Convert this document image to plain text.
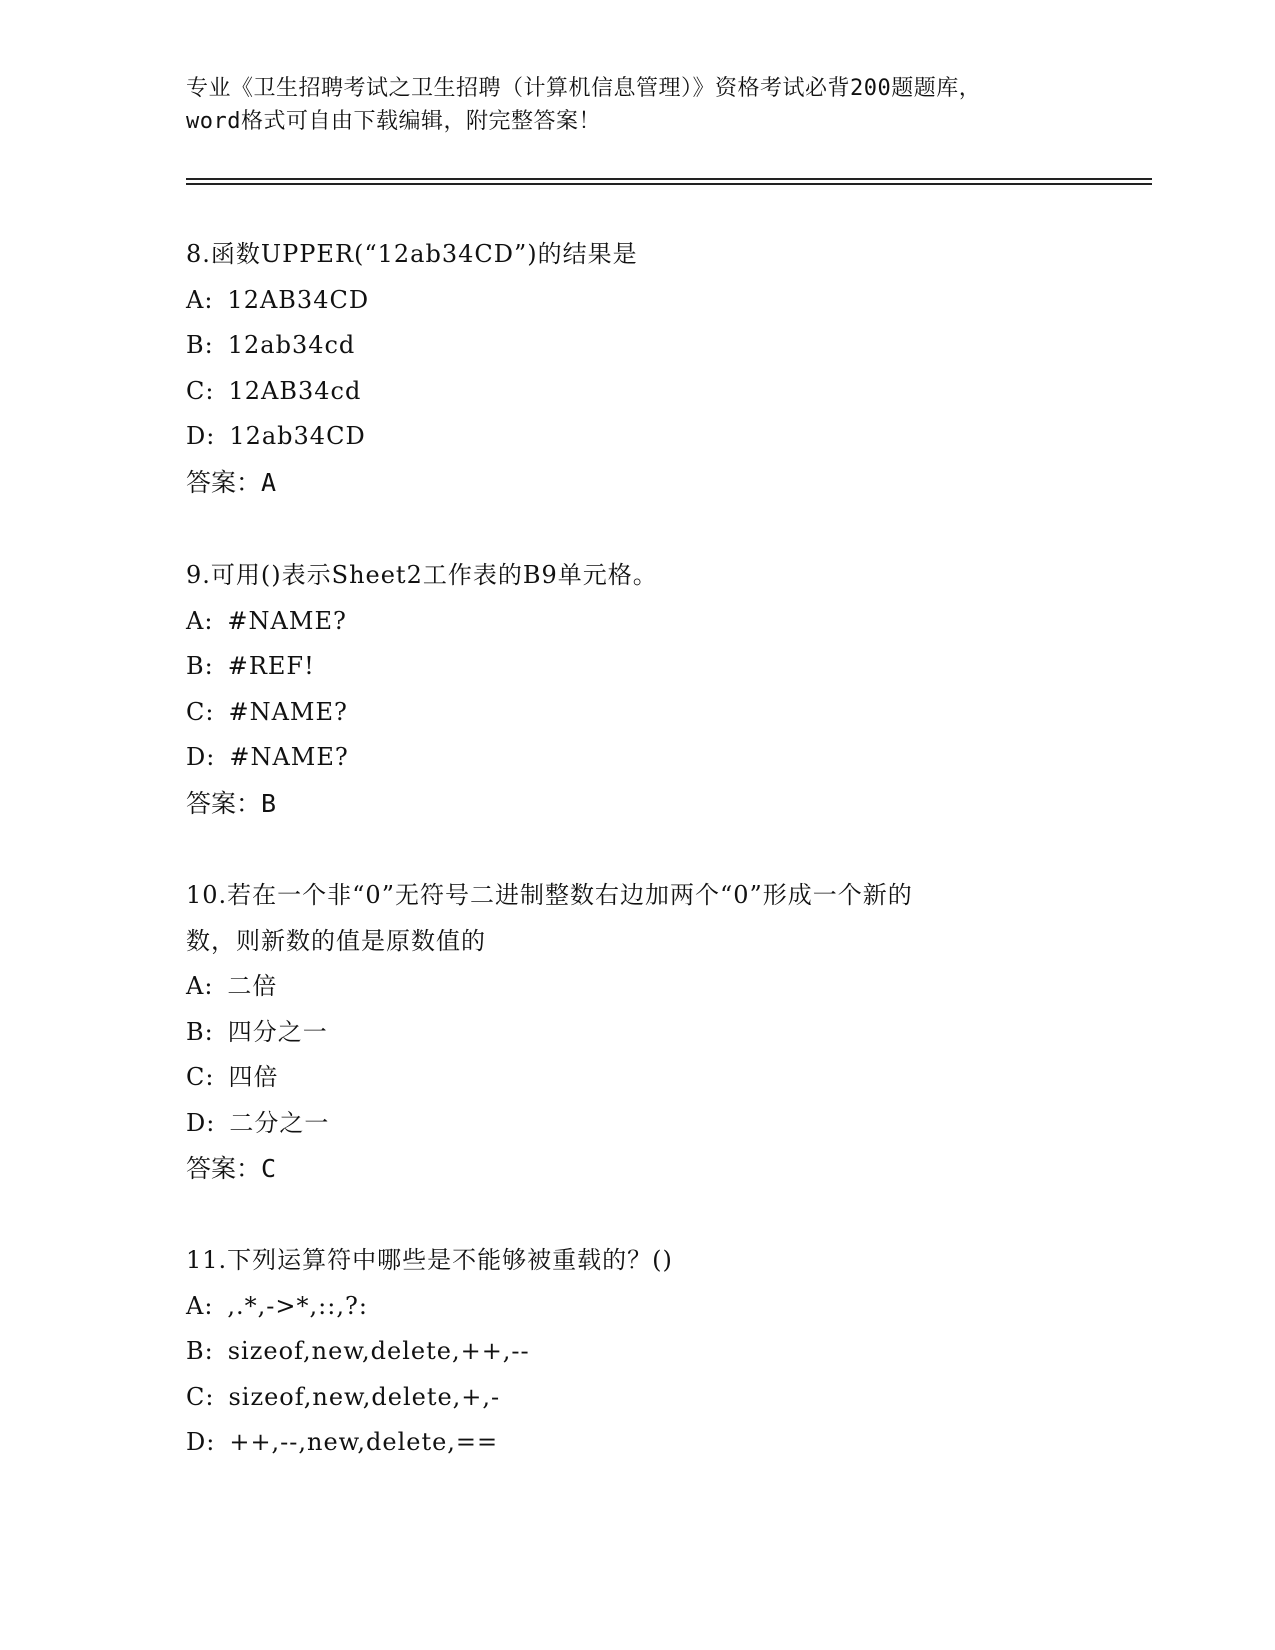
专业《卫生招聘考试之卫生招聘（计算机信息管理）》资格考试必背200题题库，
word格式可自由下载编辑，附完整答案！
8.函数UPPER(“12ab34CD”)的结果是
A: 12AB34CD
B: 12ab34cd
C: 12AB34cd
D: 12ab34CD
答案：A
9.可用()表示Sheet2工作表的B9单元格。
A: #NAME?
B: #REF!
C: #NAME?
D: #NAME?
答案：B
10.若在一个非“0”无符号二进制整数右边加两个“0”形成一个新的
数，则新数的值是原数值的
A: 二倍
B: 四分之一
C: 四倍
D: 二分之一
答案：C
11.下列运算符中哪些是不能够被重载的？()
A: ,.*,->*,::,?:
B: sizeof,new,delete,++,--
C: sizeof,new,delete,+,-
D: ++,--,new,delete,==
